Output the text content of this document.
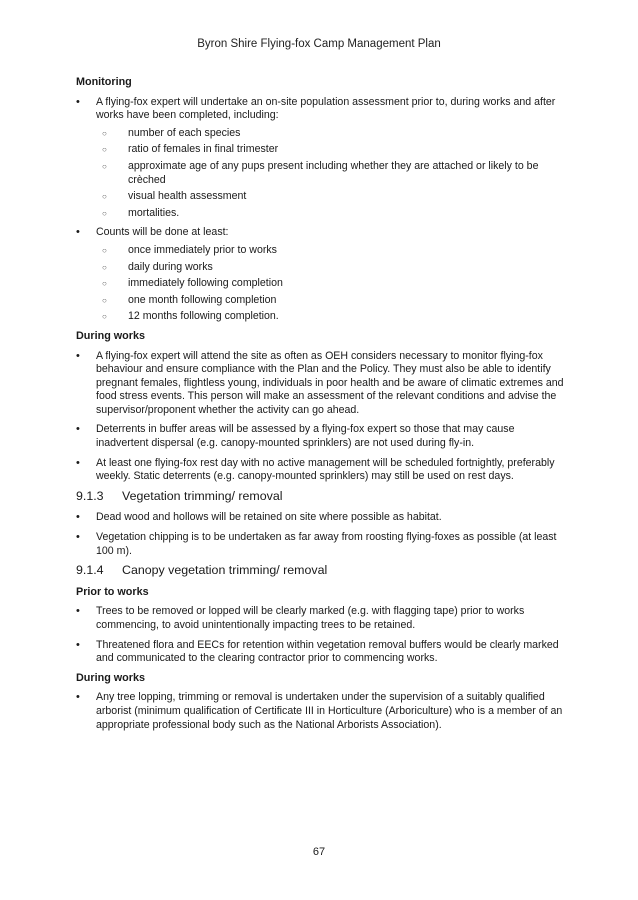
Byron Shire Flying-fox Camp Management Plan
Monitoring
• A flying-fox expert will undertake an on-site population assessment prior to, during works and after works have been completed, including:
○ number of each species
○ ratio of females in final trimester
○ approximate age of any pups present including whether they are attached or likely to be crèched
○ visual health assessment
○ mortalities.
• Counts will be done at least:
○ once immediately prior to works
○ daily during works
○ immediately following completion
○ one month following completion
○ 12 months following completion.
During works
• A flying-fox expert will attend the site as often as OEH considers necessary to monitor flying-fox behaviour and ensure compliance with the Plan and the Policy. They must also be able to identify pregnant females, flightless young, individuals in poor health and be aware of climatic extremes and food stress events. This person will make an assessment of the relevant conditions and advise the supervisor/proponent whether the activity can go ahead.
• Deterrents in buffer areas will be assessed by a flying-fox expert so those that may cause inadvertent dispersal (e.g. canopy-mounted sprinklers) are not used during fly-in.
• At least one flying-fox rest day with no active management will be scheduled fortnightly, preferably weekly. Static deterrents (e.g. canopy-mounted sprinklers) may still be used on rest days.
9.1.3 Vegetation trimming/ removal
• Dead wood and hollows will be retained on site where possible as habitat.
• Vegetation chipping is to be undertaken as far away from roosting flying-foxes as possible (at least 100 m).
9.1.4 Canopy vegetation trimming/ removal
Prior to works
• Trees to be removed or lopped will be clearly marked (e.g. with flagging tape) prior to works commencing, to avoid unintentionally impacting trees to be retained.
• Threatened flora and EECs for retention within vegetation removal buffers would be clearly marked and communicated to the clearing contractor prior to commencing works.
During works
• Any tree lopping, trimming or removal is undertaken under the supervision of a suitably qualified arborist (minimum qualification of Certificate III in Horticulture (Arboriculture) who is a member of an appropriate professional body such as the National Arborists Association).
67
